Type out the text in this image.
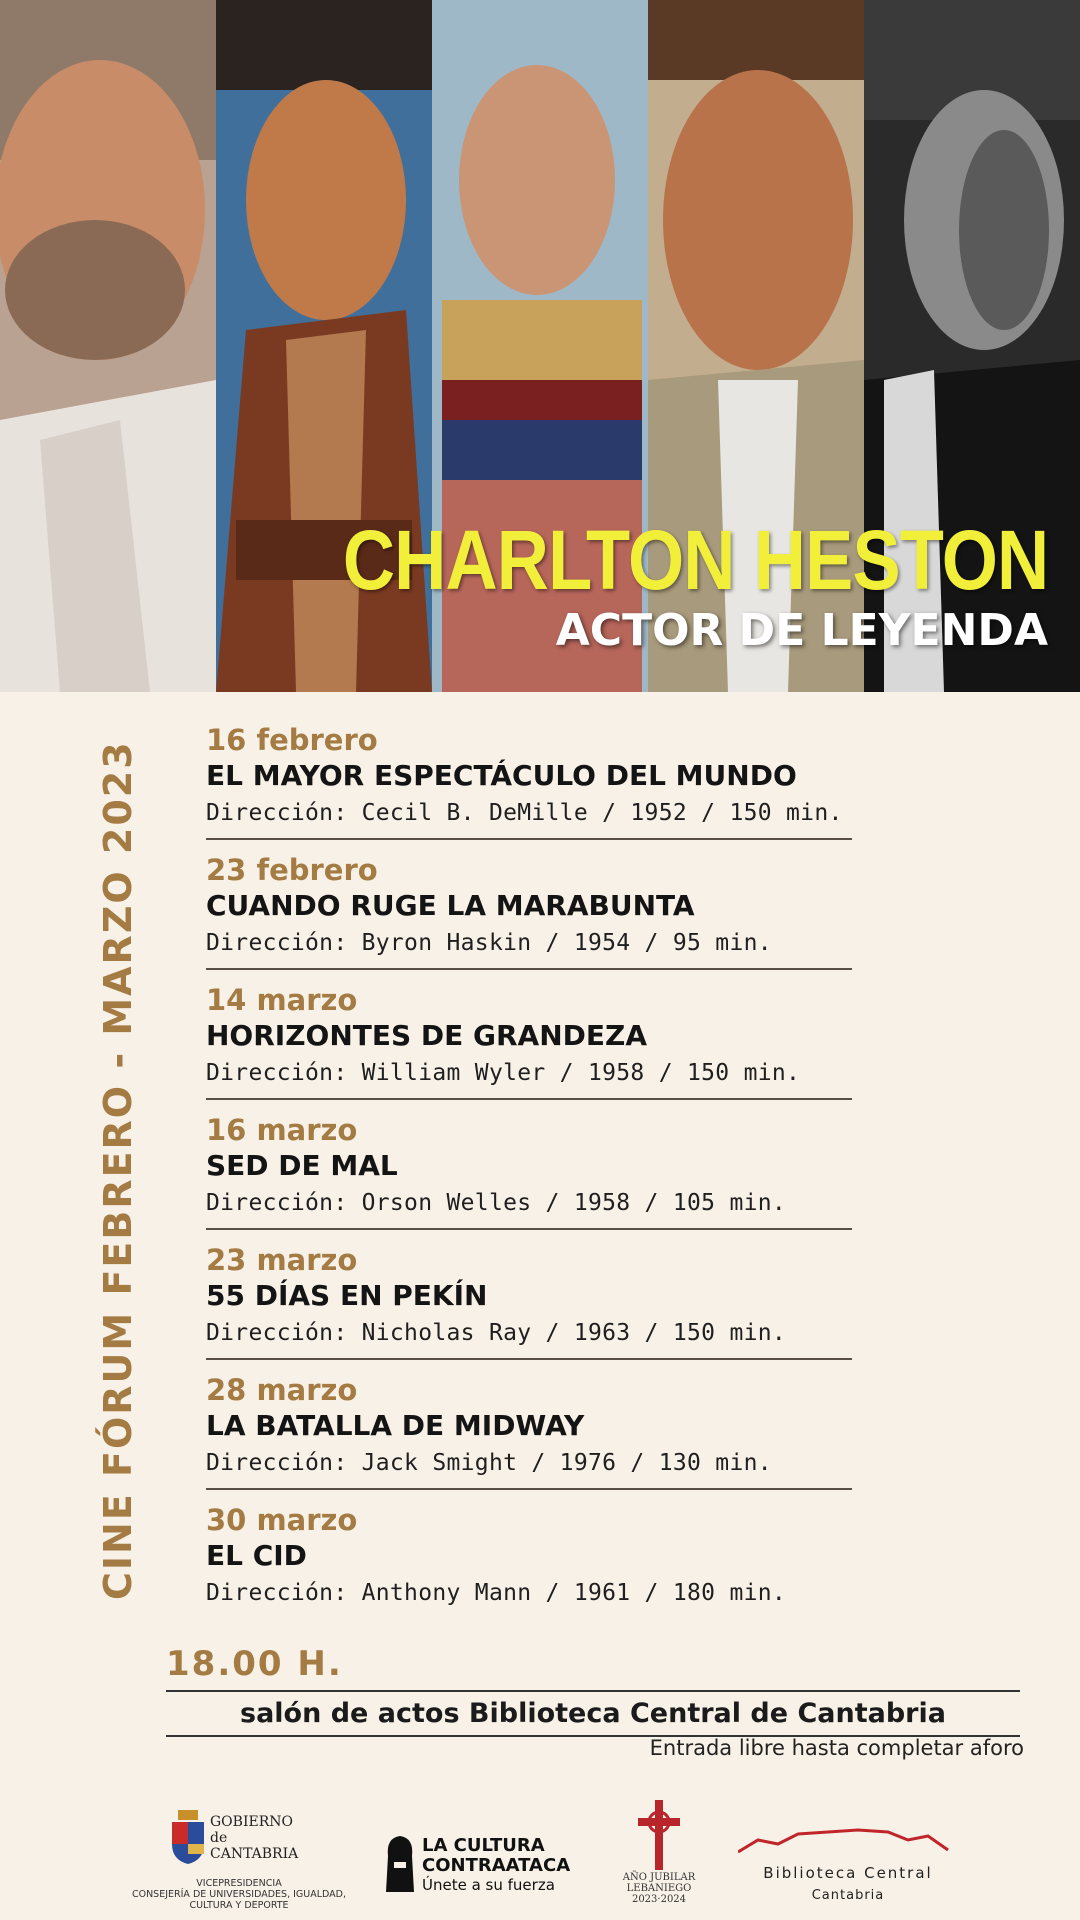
CHARLTON HESTON
ACTOR DE LEYENDA
CINE FÓRUM FEBRERO - MARZO 2023
16 febrero
EL MAYOR ESPECTÁCULO DEL MUNDO
Dirección: Cecil B. DeMille / 1952 / 150 min.
23 febrero
CUANDO RUGE LA MARABUNTA
Dirección: Byron Haskin / 1954 / 95 min.
14 marzo
HORIZONTES DE GRANDEZA
Dirección: William Wyler / 1958 / 150 min.
16 marzo
SED DE MAL
Dirección: Orson Welles / 1958 / 105 min.
23 marzo
55 DÍAS EN PEKÍN
Dirección: Nicholas Ray / 1963 / 150 min.
28 marzo
LA BATALLA DE MIDWAY
Dirección: Jack Smight / 1976 / 130 min.
30 marzo
EL CID
Dirección: Anthony Mann / 1961 / 180 min.
18.00 H.
salón de actos Biblioteca Central de Cantabria
Entrada libre hasta completar aforo
GOBIERNO de CANTABRIA
VICEPRESIDENCIA
CONSEJERÍA DE UNIVERSIDADES, IGUALDAD, CULTURA Y DEPORTE
LA CULTURA CONTRAATACA
Únete a su fuerza	AÑO JUBILAR LEBANIEGO 2023·2024
Biblioteca Central
Cantabria
